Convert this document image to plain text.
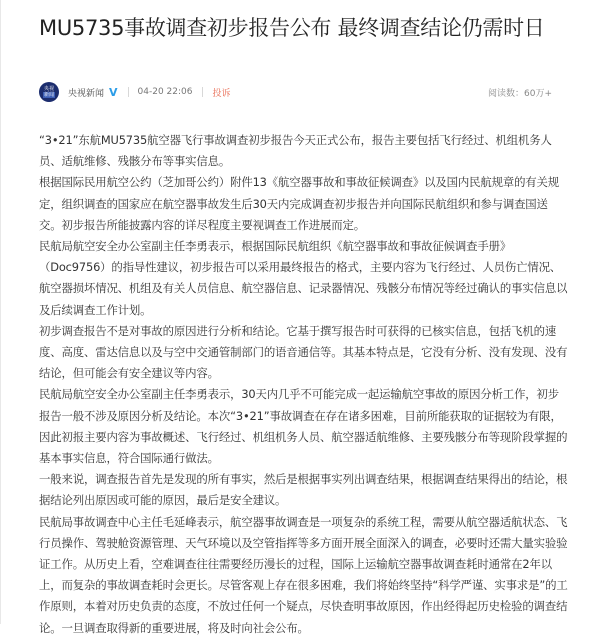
MU5735事故调查初步报告公布 最终调查结论仍需时日
央视
新闻 央视新闻 V 04-20 22:06 投诉	阅读数：60万+

“3•21”东航MU5735航空器飞行事故调查初步报告今天正式公布，报告主要包括飞行经过、机组机务人员、适航维修、残骸分布等事实信息。

根据国际民用航空公约（芝加哥公约）附件13《航空器事故和事故征候调查》以及国内民航规章的有关规定，组织调查的国家应在航空器事故发生后30天内完成调查初步报告并向国际民航组织和参与调查国送交。初步报告所能披露内容的详尽程度主要视调查工作进展而定。

民航局航空安全办公室副主任李勇表示，根据国际民航组织《航空器事故和事故征候调查手册》（Doc9756）的指导性建议，初步报告可以采用最终报告的格式，主要内容为飞行经过、人员伤亡情况、航空器损坏情况、机组及有关人员信息、航空器信息、记录器情况、残骸分布情况等经过确认的事实信息以及后续调查工作计划。

初步调查报告不是对事故的原因进行分析和结论。它基于撰写报告时可获得的已核实信息，包括飞机的速度、高度、雷达信息以及与空中交通管制部门的语音通信等。其基本特点是，它没有分析、没有发现、没有结论，但可能会有安全建议等内容。

民航局航空安全办公室副主任李勇表示，30天内几乎不可能完成一起运输航空事故的原因分析工作，初步报告一般不涉及原因分析及结论。本次“3•21”事故调查在存在诸多困难，目前所能获取的证据较为有限，因此初报主要内容为事故概述、飞行经过、机组机务人员、航空器适航维修、主要残骸分布等现阶段掌握的基本事实信息，符合国际通行做法。

一般来说，调查报告首先是发现的所有事实，然后是根据事实列出调查结果，根据调查结果得出的结论，根据结论列出原因或可能的原因，最后是安全建议。

民航局事故调查中心主任毛延峰表示，航空器事故调查是一项复杂的系统工程，需要从航空器适航状态、飞行员操作、驾驶舱资源管理、天气环境以及空管指挥等多方面开展全面深入的调查，必要时还需大量实验验证工作。从历史上看，空难调查往往需要经历漫长的过程，国际上运输航空器事故调查耗时通常在2年以上，而复杂的事故调查耗时会更长。尽管客观上存在很多困难，我们将始终坚持“科学严谨、实事求是”的工作原则，本着对历史负责的态度，不放过任何一个疑点，尽快查明事故原因，作出经得起历史检验的调查结论。一旦调查取得新的重要进展，将及时向社会公布。
